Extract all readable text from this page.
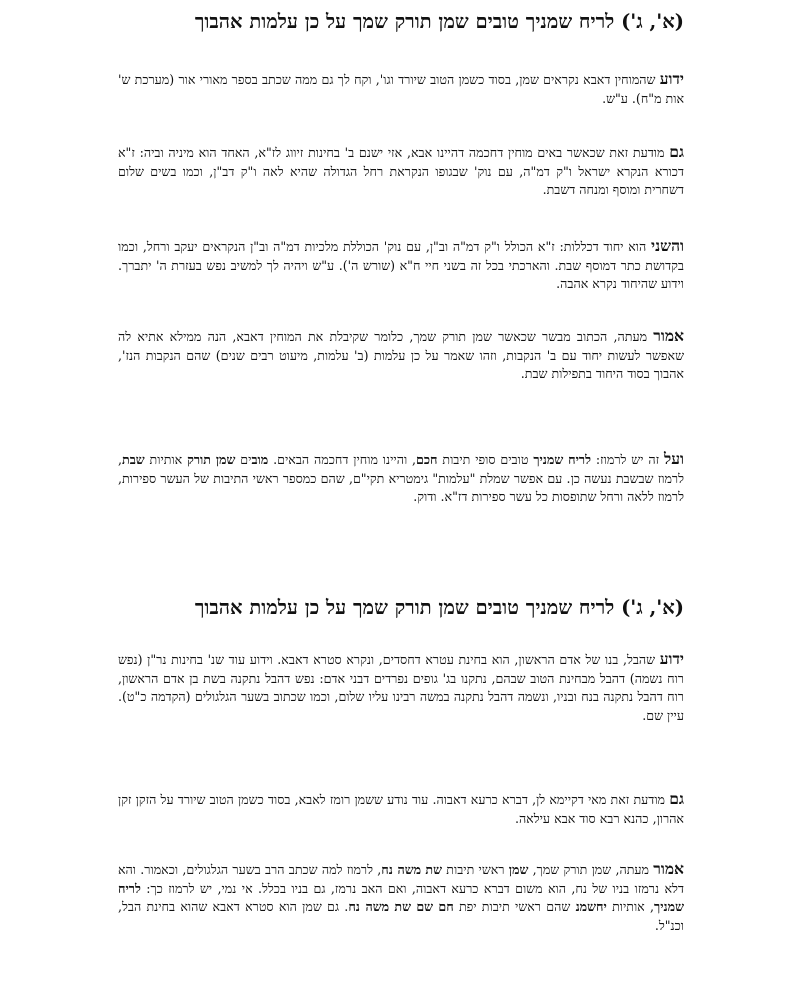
(א', ג') לריח שמניך טובים שמן תורק שמך על כן עלמות אהבוך

ידוע שהמוחין דאבא נקראים שמן, בסוד כשמן הטוב שיורד וגו', וקח לך גם ממה שכתב בספר מאורי אור (מערכת ש' אות מ"ח). ע"ש.

גם מודעת זאת שכאשר באים מוחין דחכמה דהיינו אבא, אזי ישנם ב' בחינות זיווג לז"א, האחד הוא מיניה וביה: ז"א דכורא הנקרא ישראל ו"ק דמ"ה, עם נוק' שבגופו הנקראת רחל הגדולה שהיא לאה ו"ק דב"ן, וכמו בשים שלום דשחרית ומוסף ומנחה דשבת.

והשני הוא יחוד דכללות: ז"א הכולל ו"ק דמ"ה וב"ן, עם נוק' הכוללת מלכיות דמ"ה וב"ן הנקראים יעקב ורחל, וכמו בקדושת כתר דמוסף שבת. והארכתי בכל זה בשני חיי ח"א (שורש ה'). ע"ש ויהיה לך למשיב נפש בעזרת ה' יתברך. וידוע שהיחוד נקרא אהבה.

אמור מעתה, הכתוב מבשר שכאשר שמן תורק שמך, כלומר שקיבלת את המוחין דאבא, הנה ממילא אתיא לה שאפשר לעשות יחוד עם ב' הנקבות, וזהו שאמר על כן עלמות (ב' עלמות, מיעוט רבים שנים) שהם הנקבות הנז', אהבוך בסוד היחוד בתפילות שבת.

ועל זה יש לרמוז: לריח שמניך טובים סופי תיבות חכם, והיינו מוחין דחכמה הבאים. מובים שמן תורק אותיות שבת, לרמוז שבשבת נעשה כן. עם אפשר שמלת "עלמות" גימטריא תקי"ם, שהם כמספר ראשי התיבות של העשר ספירות, לרמוז ללאה ורחל שתופסות כל עשר ספירות דז"א. ודוק.

(א', ג') לריח שמניך טובים שמן תורק שמך על כן עלמות אהבוך

ידוע שהבל, בנו של אדם הראשון, הוא בחינת עטרא דחסדים, ונקרא סטרא דאבא. וידוע עוד שנ' בחינות נר"ן (נפש רוח נשמה) דהבל מבחינת הטוב שבהם, נתקנו בג' גופים נפרדים דבני אדם: נפש דהבל נתקנה בשת בן אדם הראשון, רוח דהבל נתקנה בנח ובניו, ונשמה דהבל נתקנה במשה רבינו עליו שלום, וכמו שכתוב בשער הגלגולים (הקדמה כ"ט). עיין שם.

גם מודעת זאת מאי דקיימא לן, דברא כרעא דאבוה. עוד נודע ששמן רומז לאבא, בסוד כשמן הטוב שיורד על הזקן זקן אהרון, כהנא רבא סוד אבא עילאה.

אמור מעתה, שמן תורק שמך, שמן ראשי תיבות שת משה נח, לרמוז למה שכתב הרב בשער הגלגולים, וכאמור. והא דלא נרמזו בניו של נח, הוא משום דברא כרעא דאבוה, ואם האב נרמז, גם בניו בכלל. אי נמי, יש לרמוז כך: לריח שמניך, אותיות יחשמנ שהם ראשי תיבות יפת חם שם שת משה נח. גם שמן הוא סטרא דאבא שהוא בחינת הבל, וכנ"ל.
